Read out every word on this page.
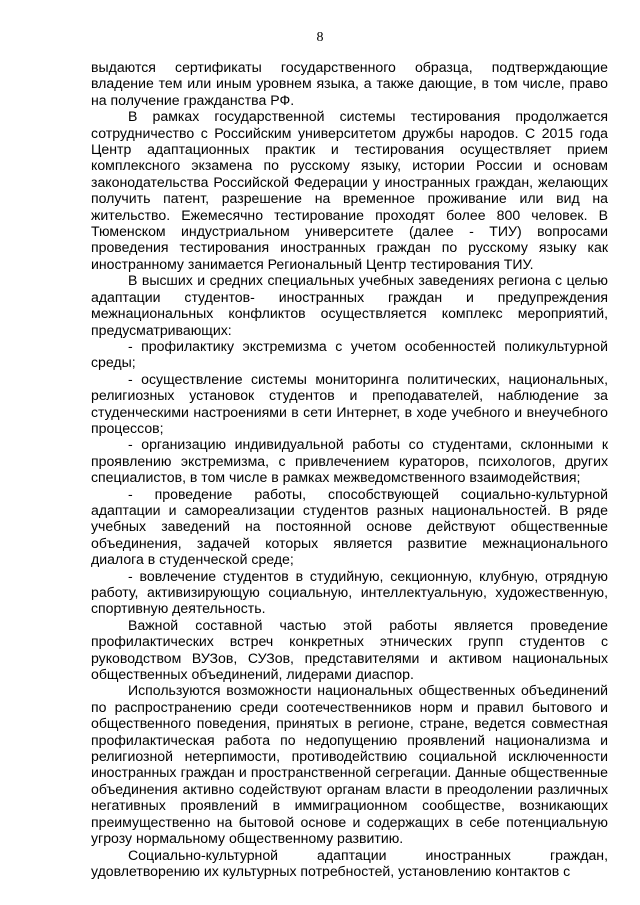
8

выдаются сертификаты государственного образца, подтверждающие владение тем или иным уровнем языка, а также дающие, в том числе, право на получение гражданства РФ.

В рамках государственной системы тестирования продолжается сотрудничество с Российским университетом дружбы народов. С 2015 года Центр адаптационных практик и тестирования осуществляет прием комплексного экзамена по русскому языку, истории России и основам законодательства Российской Федерации у иностранных граждан, желающих получить патент, разрешение на временное проживание или вид на жительство. Ежемесячно тестирование проходят более 800 человек. В Тюменском индустриальном университете (далее - ТИУ) вопросами проведения тестирования иностранных граждан по русскому языку как иностранному занимается Региональный Центр тестирования ТИУ.

В высших и средних специальных учебных заведениях региона с целью адаптации студентов- иностранных граждан и предупреждения межнациональных конфликтов осуществляется комплекс мероприятий, предусматривающих:

- профилактику экстремизма с учетом особенностей поликультурной среды;

- осуществление системы мониторинга политических, национальных, религиозных установок студентов и преподавателей, наблюдение за студенческими настроениями в сети Интернет, в ходе учебного и внеучебного процессов;

- организацию индивидуальной работы со студентами, склонными к проявлению экстремизма, с привлечением кураторов, психологов, других специалистов, в том числе в рамках межведомственного взаимодействия;

- проведение работы, способствующей социально-культурной адаптации и самореализации студентов разных национальностей. В ряде учебных заведений на постоянной основе действуют общественные объединения, задачей которых является развитие межнационального диалога в студенческой среде;

- вовлечение студентов в студийную, секционную, клубную, отрядную работу, активизирующую социальную, интеллектуальную, художественную, спортивную деятельность.

Важной составной частью этой работы является проведение профилактических встреч конкретных этнических групп студентов с руководством ВУЗов, СУЗов, представителями и активом национальных общественных объединений, лидерами диаспор.

Используются возможности национальных общественных объединений по распространению среди соотечественников норм и правил бытового и общественного поведения, принятых в регионе, стране, ведется совместная профилактическая работа по недопущению проявлений национализма и религиозной нетерпимости, противодействию социальной исключенности иностранных граждан и пространственной сегрегации. Данные общественные объединения активно содействуют органам власти в преодолении различных негативных проявлений в иммиграционном сообществе, возникающих преимущественно на бытовой основе и содержащих в себе потенциальную угрозу нормальному общественному развитию.

Социально-культурной адаптации иностранных граждан, удовлетворению их культурных потребностей, установлению контактов с
